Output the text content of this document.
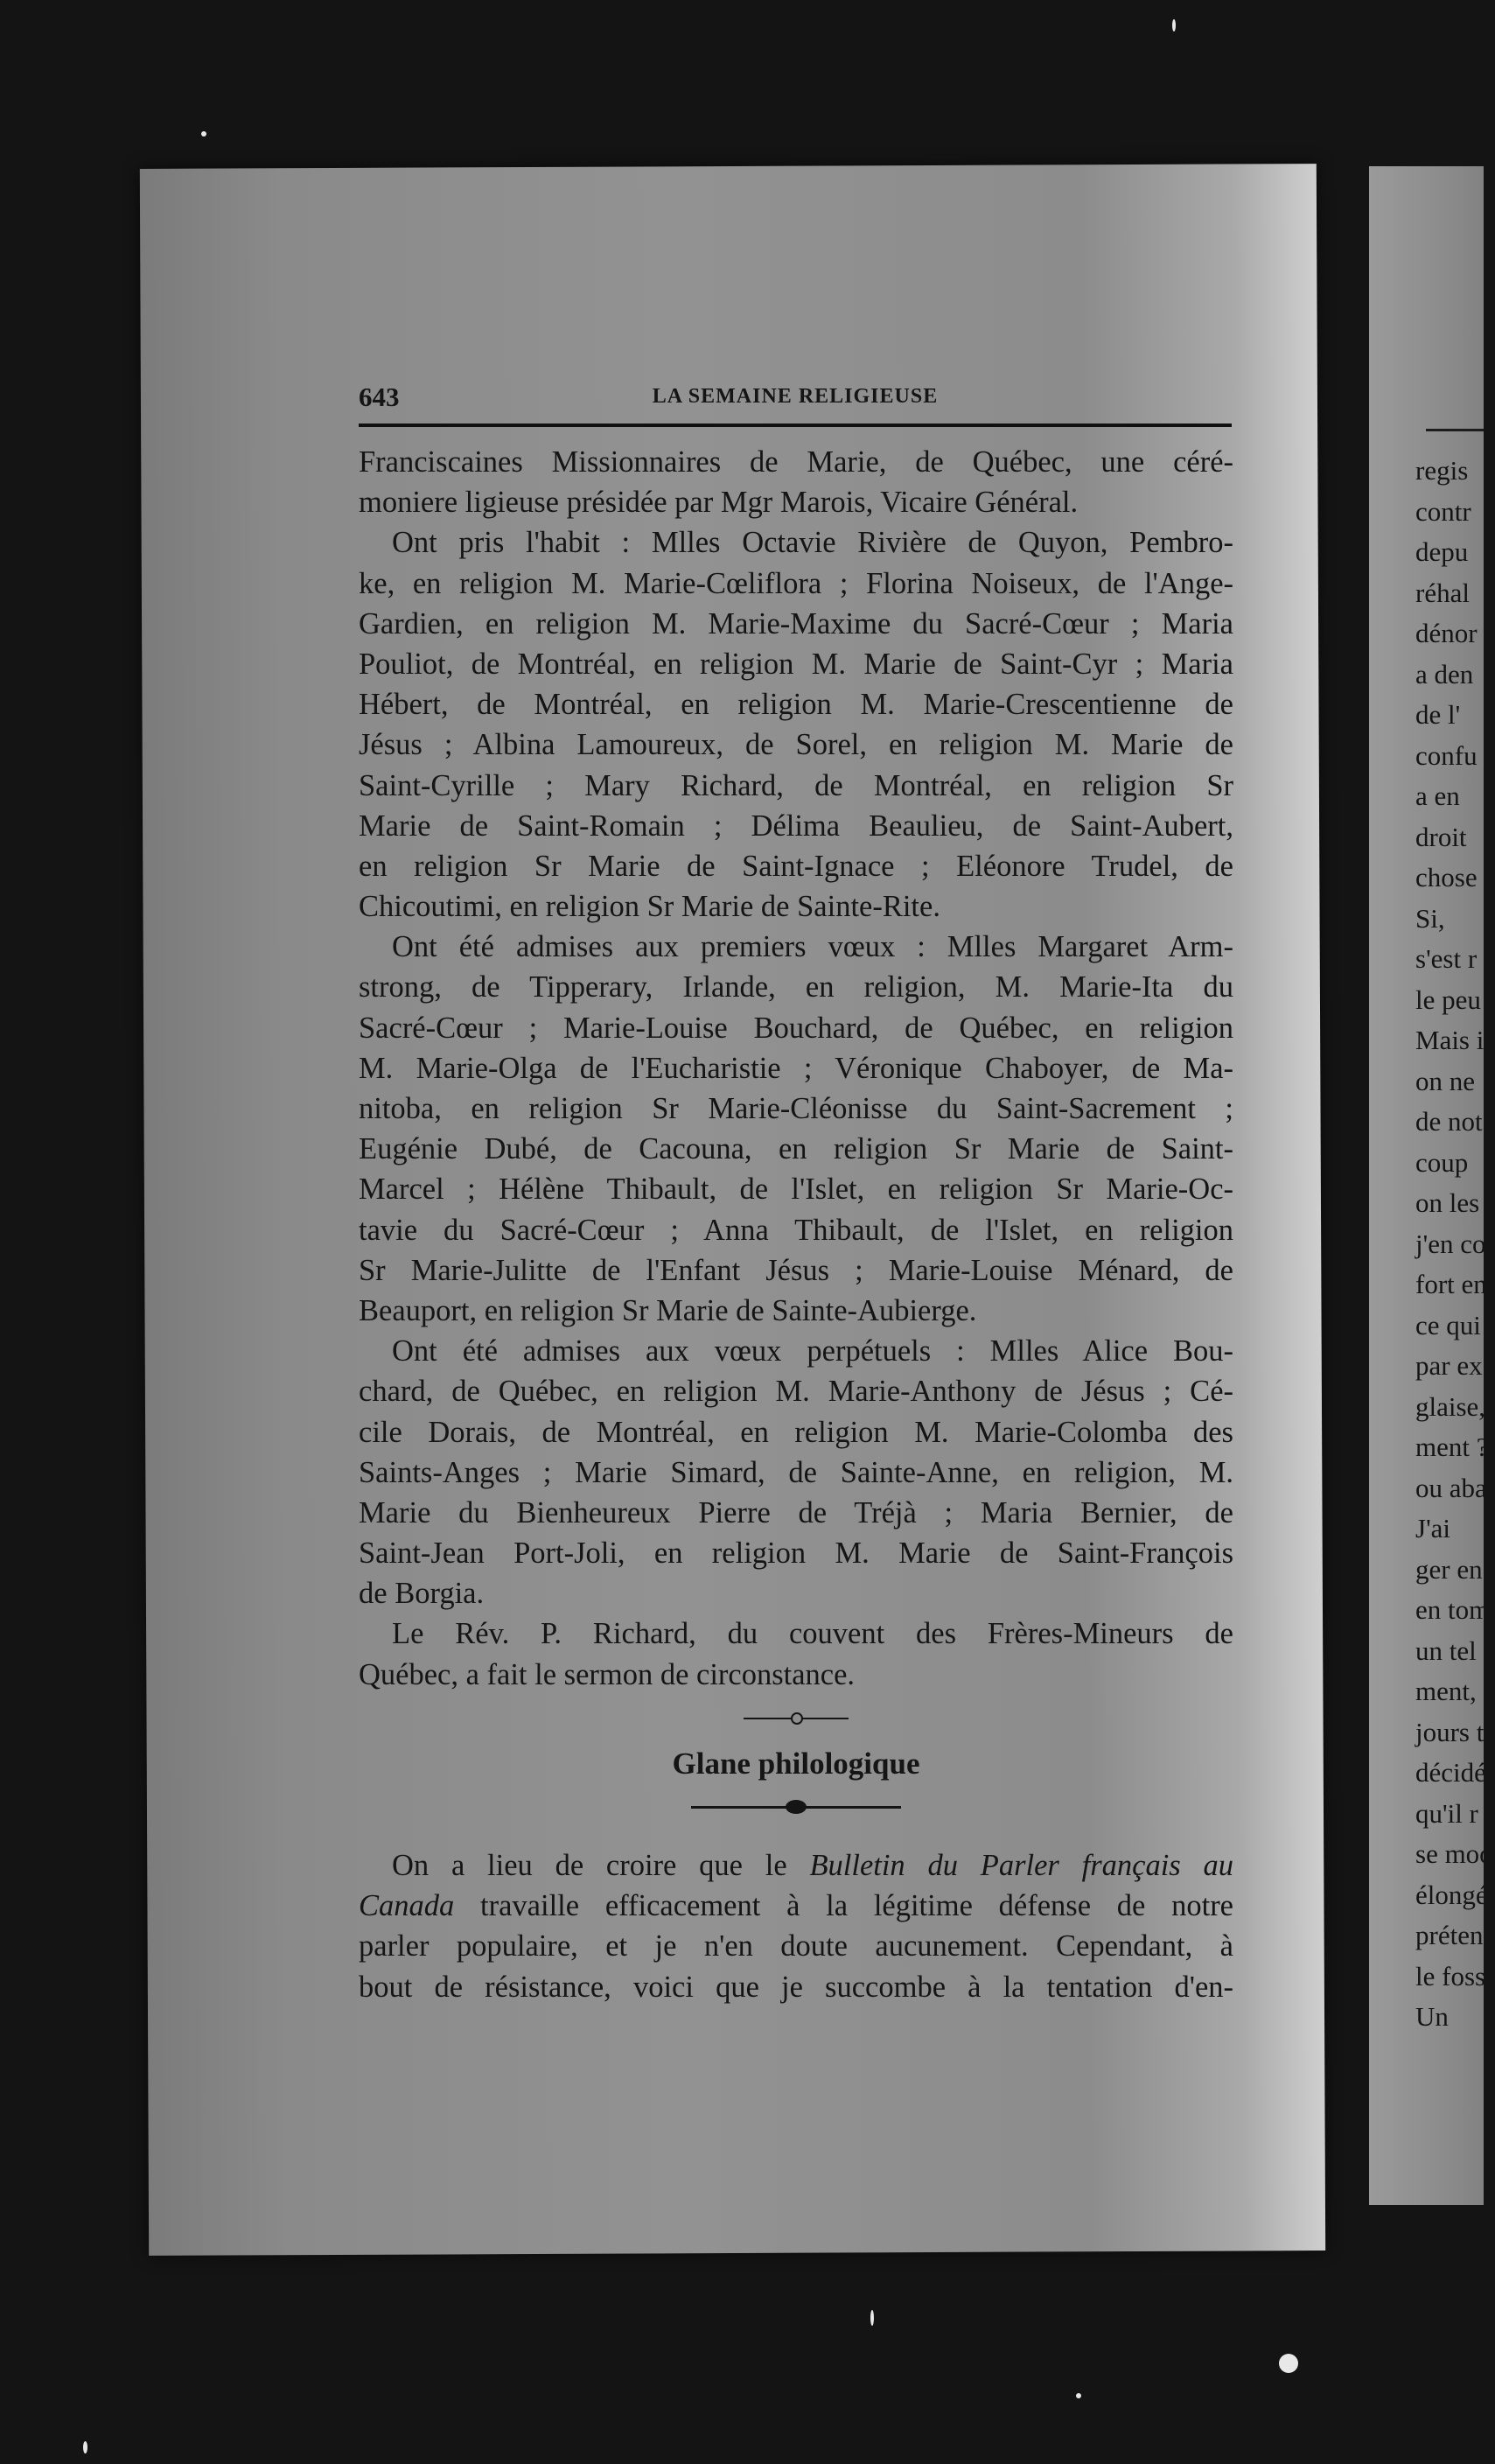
regis
contr
depu
réhal
dénor
a den
de l'
confu
a en
droit
chose
Si,
s'est r
le peu
Mais i
on ne
de not
coup
on les
j'en co
fort en
ce qui
par ex
glaise,
ment ?
ou aba
J'ai
ger en
en tom
un tel
ment,
jours t
décidé
qu'il r
se moo
élongé
prétenc
le foss
Un
643	LA SEMAINE RELIGIEUSE
Franciscaines Missionnaires de Marie, de Québec, une céré-
moniere ligieuse présidée par Mgr Marois, Vicaire Général.
Ont pris l'habit : Mlles Octavie Rivière de Quyon, Pembro-
ke, en religion M. Marie-Cœliflora ; Florina Noiseux, de l'Ange-
Gardien, en religion M. Marie-Maxime du Sacré-Cœur ; Maria
Pouliot, de Montréal, en religion M. Marie de Saint-Cyr ; Maria
Hébert, de Montréal, en religion M. Marie-Crescentienne de
Jésus ; Albina Lamoureux, de Sorel, en religion M. Marie de
Saint-Cyrille ; Mary Richard, de Montréal, en religion Sr
Marie de Saint-Romain ; Délima Beaulieu, de Saint-Aubert,
en religion Sr Marie de Saint-Ignace ; Eléonore Trudel, de
Chicoutimi, en religion Sr Marie de Sainte-Rite.
Ont été admises aux premiers vœux : Mlles Margaret Arm-
strong, de Tipperary, Irlande, en religion, M. Marie-Ita du
Sacré-Cœur ; Marie-Louise Bouchard, de Québec, en religion
M. Marie-Olga de l'Eucharistie ; Véronique Chaboyer, de Ma-
nitoba, en religion Sr Marie-Cléonisse du Saint-Sacrement ;
Eugénie Dubé, de Cacouna, en religion Sr Marie de Saint-
Marcel ; Hélène Thibault, de l'Islet, en religion Sr Marie-Oc-
tavie du Sacré-Cœur ; Anna Thibault, de l'Islet, en religion
Sr Marie-Julitte de l'Enfant Jésus ; Marie-Louise Ménard, de
Beauport, en religion Sr Marie de Sainte-Aubierge.
Ont été admises aux vœux perpétuels : Mlles Alice Bou-
chard, de Québec, en religion M. Marie-Anthony de Jésus ; Cé-
cile Dorais, de Montréal, en religion M. Marie-Colomba des
Saints-Anges ; Marie Simard, de Sainte-Anne, en religion, M.
Marie du Bienheureux Pierre de Tréjà ; Maria Bernier, de
Saint-Jean Port-Joli, en religion M. Marie de Saint-François
de Borgia.
Le Rév. P. Richard, du couvent des Frères-Mineurs de
Québec, a fait le sermon de circonstance.
Glane philologique
On a lieu de croire que le Bulletin du Parler français au
Canada travaille efficacement à la légitime défense de notre
parler populaire, et je n'en doute aucunement. Cependant, à
bout de résistance, voici que je succombe à la tentation d'en-
